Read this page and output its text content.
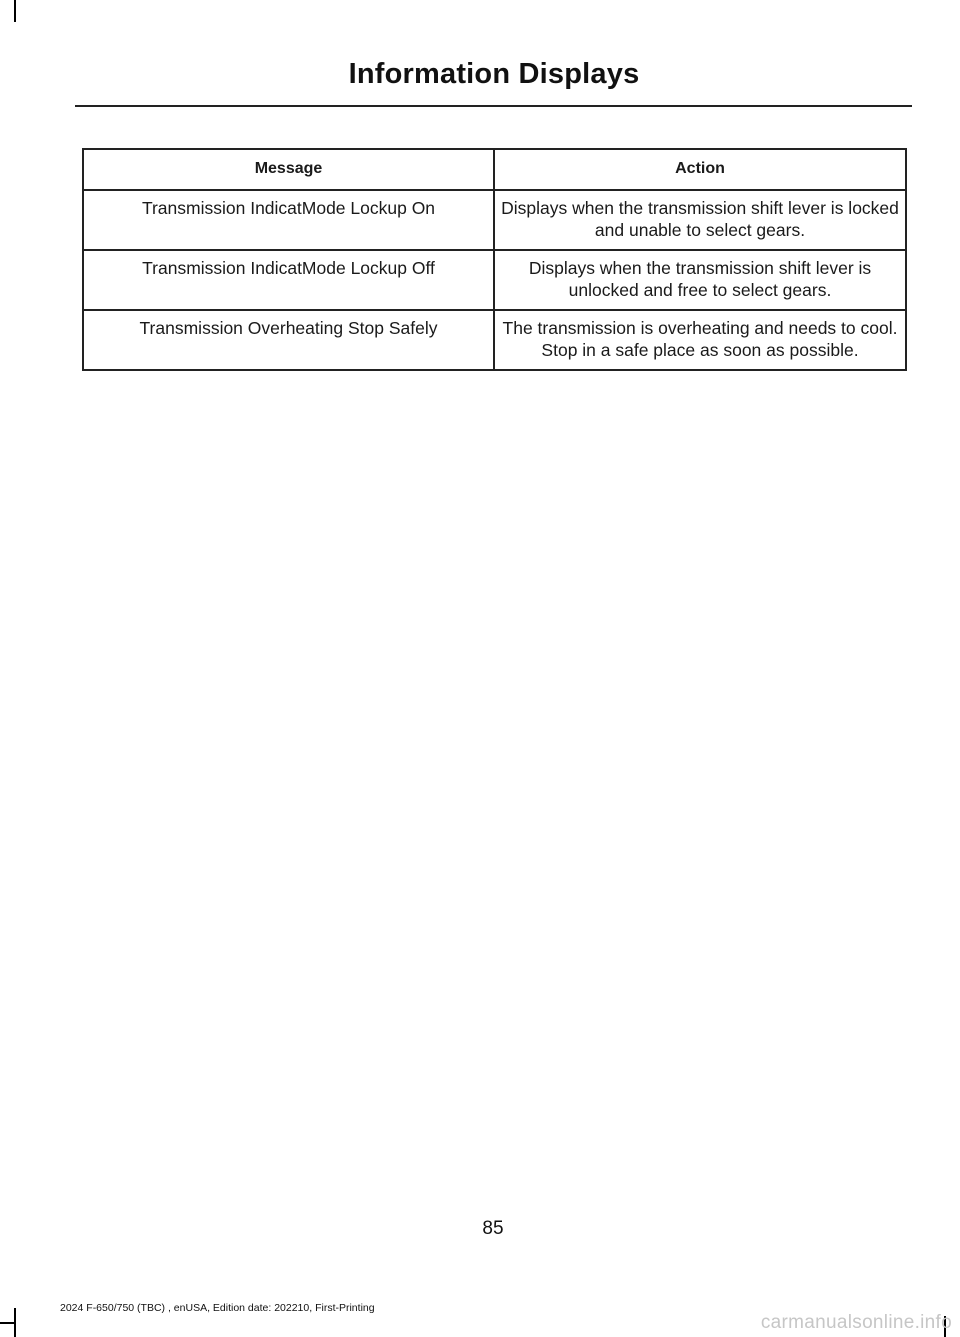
Information Displays
Message	Action
Transmission IndicatMode Lockup On	Displays when the transmission shift lever is locked and unable to select gears.
Transmission IndicatMode Lockup Off	Displays when the transmission shift lever is unlocked and free to select gears.
Transmission Overheating Stop Safely	The transmission is overheating and needs to cool. Stop in a safe place as soon as possible.
85
2024 F-650/750 (TBC) , enUSA, Edition date: 202210, First-Printing
carmanualsonline.info
